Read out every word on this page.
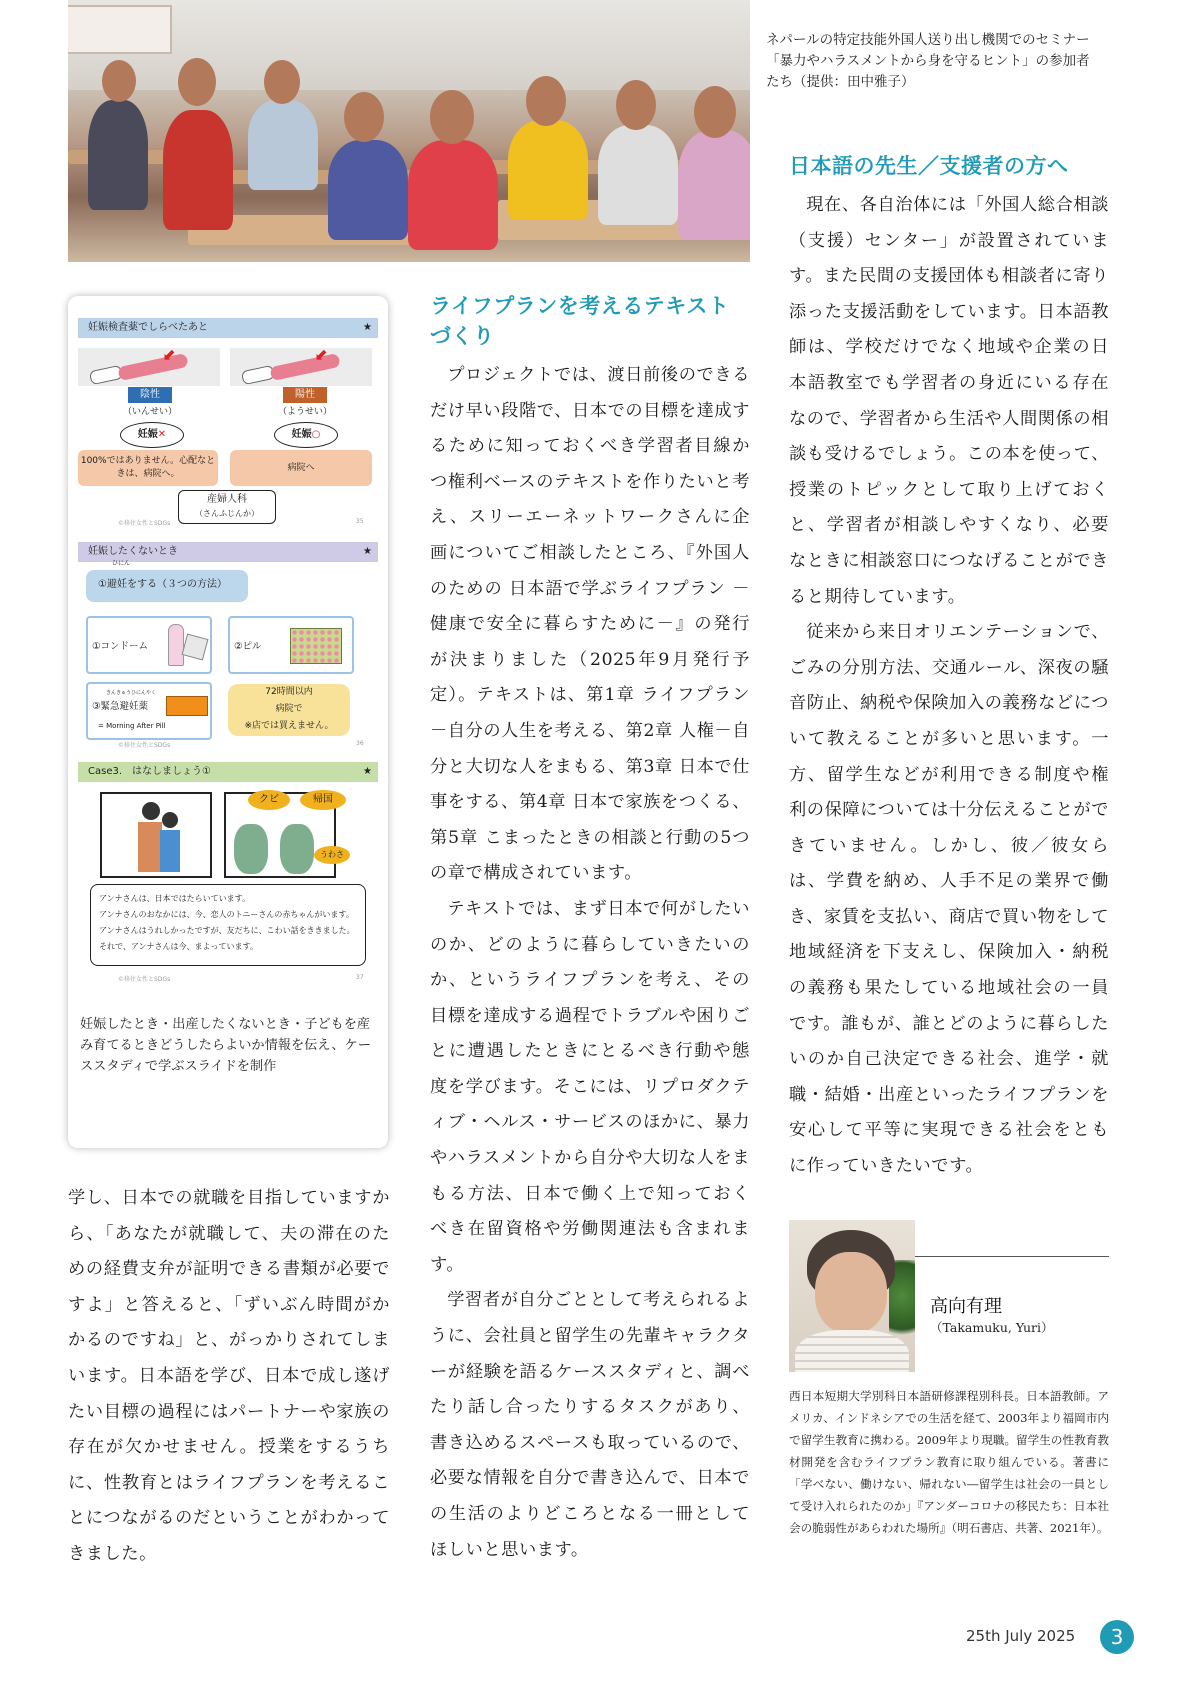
ネパールの特定技能外国人送り出し機関でのセミナー「暴力やハラスメントから身を守るヒント」の参加者たち（提供：田中雅子）
妊娠検査薬でしらべたあと	★
⬇	⬇
陰性
（いんせい）
陽性
（ようせい）
妊娠✕	妊娠○
100%ではありません。心配なときは、病院へ。
病院へ
産婦人科
（さんふじんか）
©移住女性とSDGs	35
妊娠したくないとき	★
ひにん
①避妊をする（３つの方法）
①コンドーム	②ピル
きんきゅうひにんやく
③緊急避妊薬
= Morning After Pill
72時間以内
病院で
※店では買えません。
©移住女性とSDGs	36
Case3.　はなしましょう①	★
クビ	帰国
うわさ
アンナさんは、日本ではたらいています。
アンナさんのおなかには、今、恋人のトニーさんの赤ちゃんがいます。
アンナさんはうれしかったですが、友だちに、こわい話をききました。
それで、アンナさんは今、まよっています。
©移住女性とSDGs	37
妊娠したとき・出産したくないとき・子どもを産み育てるときどうしたらよいか情報を伝え、ケーススタディで学ぶスライドを制作

学し、日本での就職を目指していますから、「あなたが就職して、夫の滞在のための経費支弁が証明できる書類が必要ですよ」と答えると、「ずいぶん時間がかかるのですね」と、がっかりされてしまいます。日本語を学び、日本で成し遂げたい目標の過程にはパートナーや家族の存在が欠かせません。授業をするうちに、性教育とはライフプランを考えることにつながるのだということがわかってきました。

ライフプランを考えるテキストづくり

プロジェクトでは、渡日前後のできるだけ早い段階で、日本での目標を達成するために知っておくべき学習者目線かつ権利ベースのテキストを作りたいと考え、スリーエーネットワークさんに企画についてご相談したところ、『外国人のための 日本語で学ぶライフプラン －健康で安全に暮らすために－』の発行が決まりました（2025年9月発行予定）。テキストは、第1章 ライフプラン－自分の人生を考える、第2章 人権－自分と大切な人をまもる、第3章 日本で仕事をする、第4章 日本で家族をつくる、第5章 こまったときの相談と行動の5つの章で構成されています。

テキストでは、まず日本で何がしたいのか、どのように暮らしていきたいのか、というライフプランを考え、その目標を達成する過程でトラブルや困りごとに遭遇したときにとるべき行動や態度を学びます。そこには、リプロダクティブ・ヘルス・サービスのほかに、暴力やハラスメントから自分や大切な人をまもる方法、日本で働く上で知っておくべき在留資格や労働関連法も含まれます。

学習者が自分ごととして考えられるように、会社員と留学生の先輩キャラクターが経験を語るケーススタディと、調べたり話し合ったりするタスクがあり、書き込めるスペースも取っているので、必要な情報を自分で書き込んで、日本での生活のよりどころとなる一冊としてほしいと思います。

日本語の先生／支援者の方へ

現在、各自治体には「外国人総合相談（支援）センター」が設置されています。また民間の支援団体も相談者に寄り添った支援活動をしています。日本語教師は、学校だけでなく地域や企業の日本語教室でも学習者の身近にいる存在なので、学習者から生活や人間関係の相談も受けるでしょう。この本を使って、授業のトピックとして取り上げておくと、学習者が相談しやすくなり、必要なときに相談窓口につなげることができると期待しています。

従来から来日オリエンテーションで、ごみの分別方法、交通ルール、深夜の騒音防止、納税や保険加入の義務などについて教えることが多いと思います。一方、留学生などが利用できる制度や権利の保障については十分伝えることができていません。しかし、彼／彼女らは、学費を納め、人手不足の業界で働き、家賃を支払い、商店で買い物をして地域経済を下支えし、保険加入・納税の義務も果たしている地域社会の一員です。誰もが、誰とどのように暮らしたいのか自己決定できる社会、進学・就職・結婚・出産といったライフプランを安心して平等に実現できる社会をともに作っていきたいです。

高向有理
（Takamuku, Yuri）
西日本短期大学別科日本語研修課程別科長。日本語教師。アメリカ、インドネシアでの生活を経て、2003年より福岡市内で留学生教育に携わる。2009年より現職。留学生の性教育教材開発を含むライフプラン教育に取り組んでいる。著書に「学べない、働けない、帰れない―留学生は社会の一員として受け入れられたのか」『アンダーコロナの移民たち：日本社会の脆弱性があらわれた場所』（明石書店、共著、2021年）。
25th July 2025	3
